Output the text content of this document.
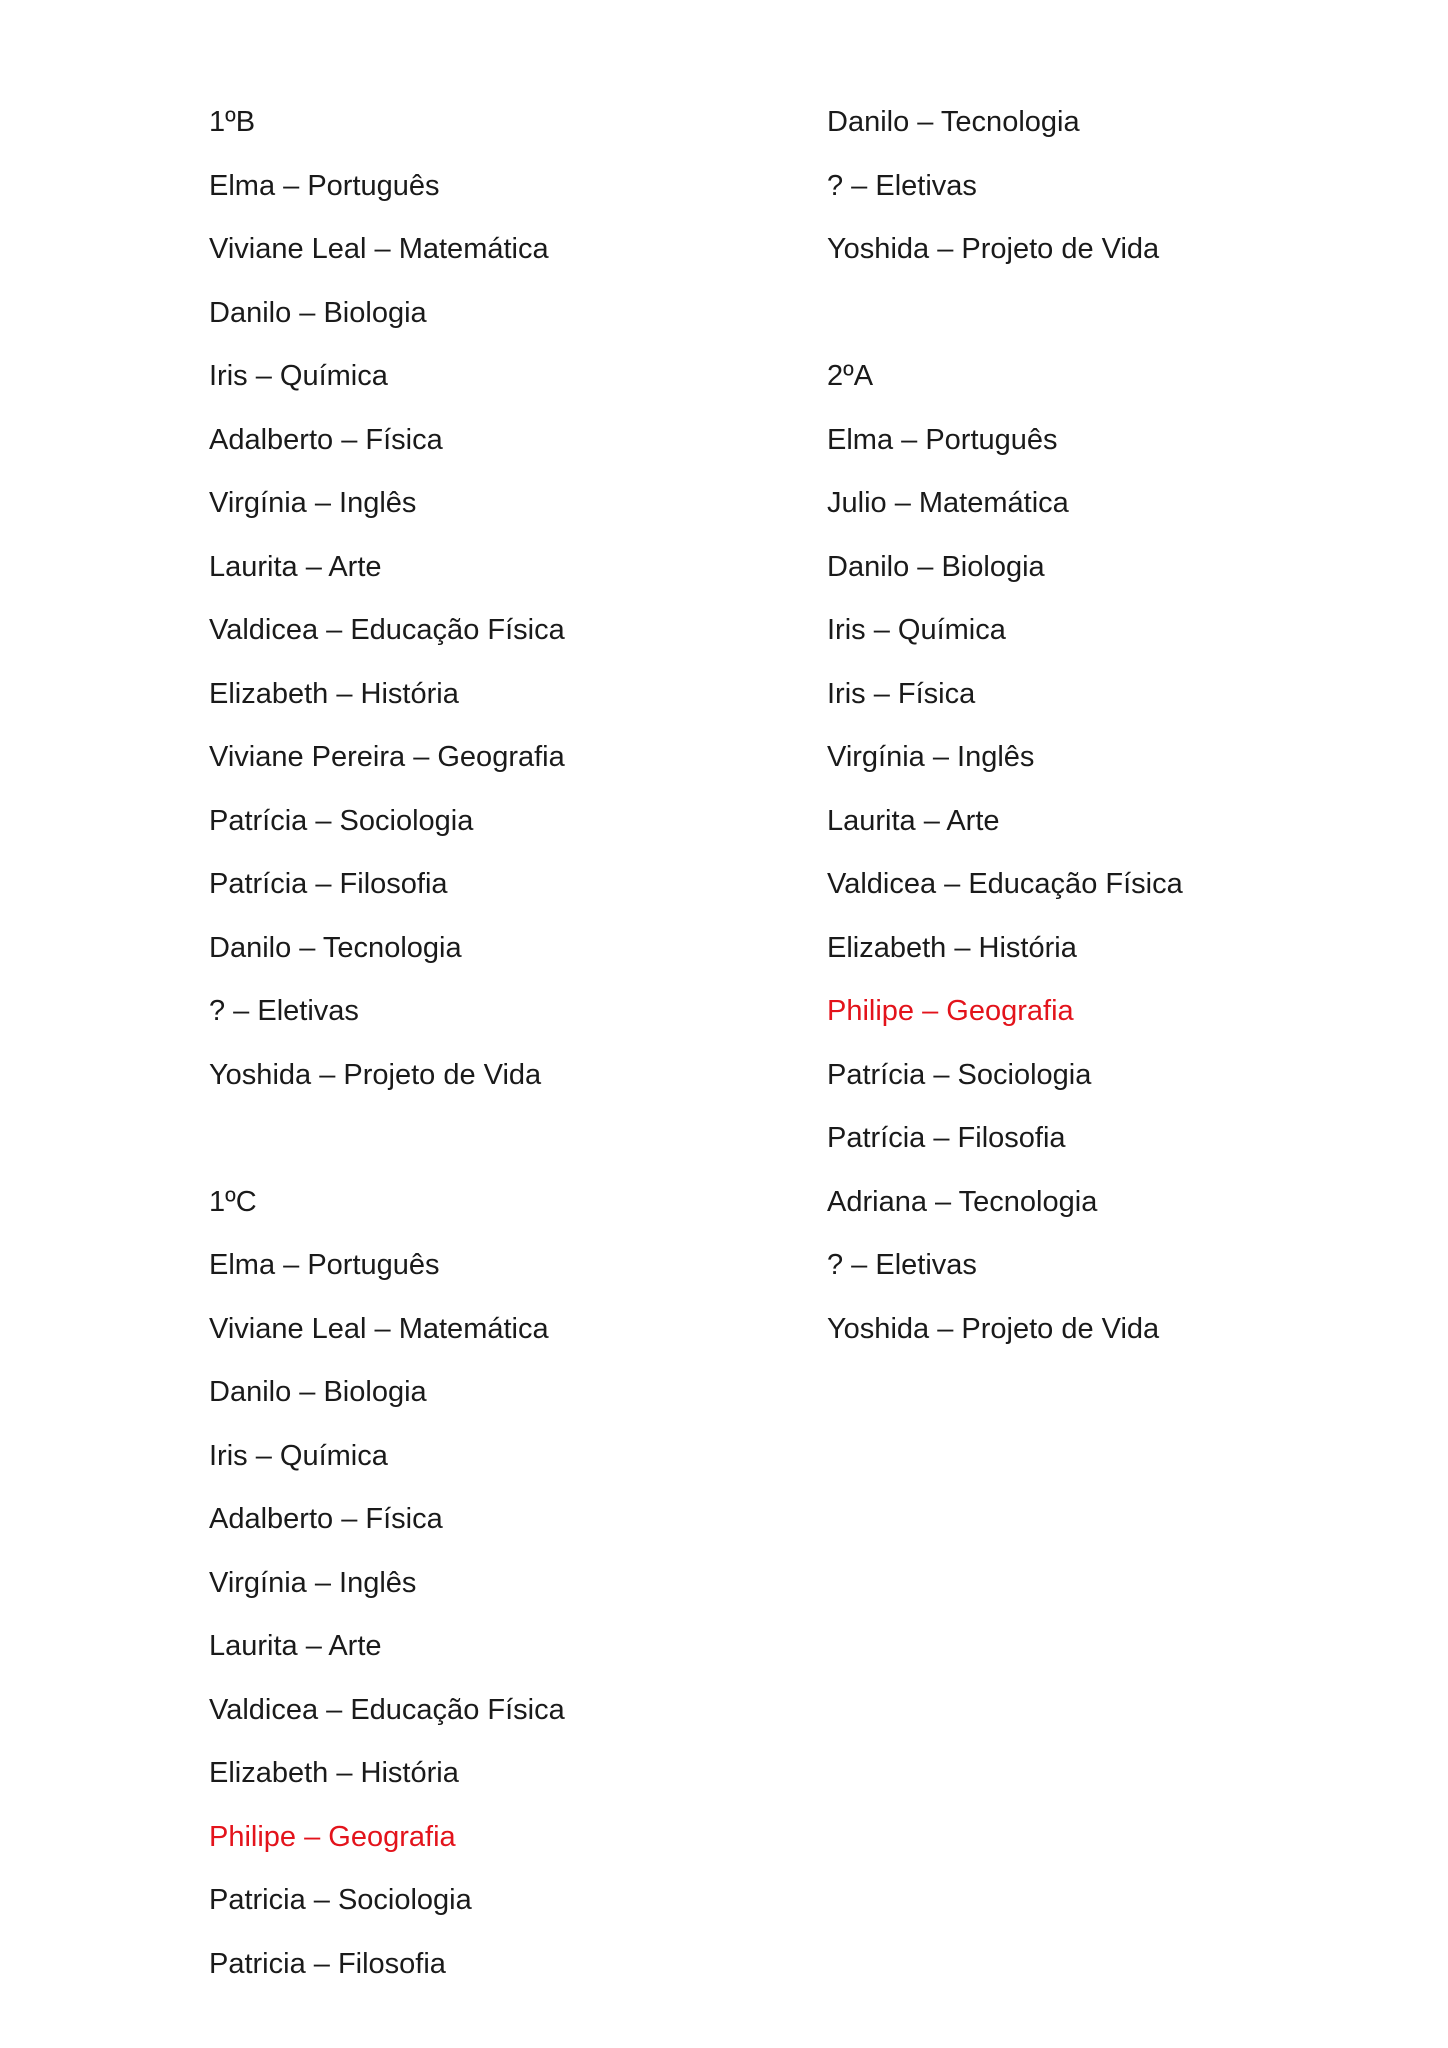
1ºB
Elma – Português
Viviane Leal – Matemática
Danilo – Biologia
Iris – Química
Adalberto – Física
Virgínia – Inglês
Laurita – Arte
Valdicea – Educação Física
Elizabeth – História
Viviane Pereira – Geografia
Patrícia – Sociologia
Patrícia – Filosofia
Danilo – Tecnologia
? – Eletivas
Yoshida – Projeto de Vida
1ºC
Elma – Português
Viviane Leal – Matemática
Danilo – Biologia
Iris – Química
Adalberto – Física
Virgínia – Inglês
Laurita – Arte
Valdicea – Educação Física
Elizabeth – História
Philipe – Geografia
Patricia – Sociologia
Patricia – Filosofia
Danilo – Tecnologia
? – Eletivas
Yoshida – Projeto de Vida
2ºA
Elma – Português
Julio – Matemática
Danilo – Biologia
Iris – Química
Iris – Física
Virgínia – Inglês
Laurita – Arte
Valdicea – Educação Física
Elizabeth – História
Philipe – Geografia
Patrícia – Sociologia
Patrícia – Filosofia
Adriana – Tecnologia
? – Eletivas
Yoshida – Projeto de Vida
